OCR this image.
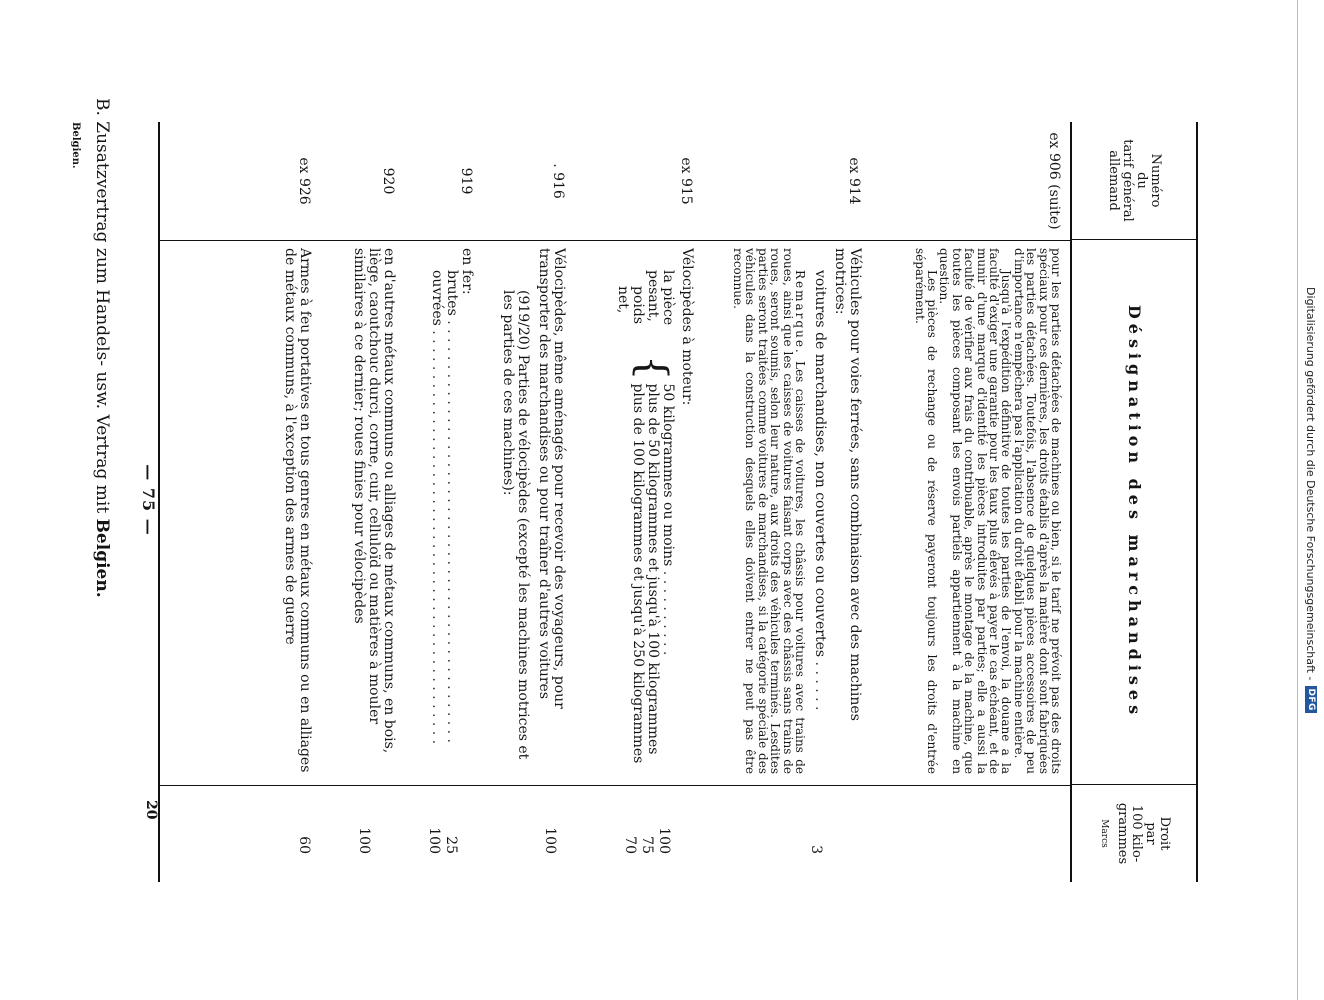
Digitalisierung gefördert durch die Deutsche Forschungsgemeinschaft -
DFG
Numéro
du
tarif général
allemand
Désignation des marchandises
Droit
par
100 kilo-
grammes
Marcs
ex 906 (suite)
pour les parties détachées de machines ou bien, si le tarif ne prévoit pas des droits spéciaux pour ces dernières, les droits établis d'après la matière dont sont fabriquées les parties détachées. Toutefois, l'absence de quelques pièces accessoires de peu d'importance n'empêchera pas l'application du droit établi pour la machine entière.
Jusqu'à l'expédition définitive de toutes les parties de l'envoi, la douane a la faculté d'exiger une garantie pour les taux plus élevés à payer le cas échéant, et de munir d'une marque d'identité les pièces introduites par parties; elle a aussi la faculté de vérifier aux frais du contribuable, après le montage de la machine, que toutes les pièces composant les envois partiels appartiennent à la machine en question.
Les pièces de rechange ou de réserve payeront toujours les droits d'entrée séparément.
ex 914
Véhicules pour voies ferrées, sans combinaison avec des machines motrices:
voitures de marchandises, non couvertes ou couvertes . . . . . .
Remarque. Les caisses de voitures, les châssis pour voitures avec trains de roues, ainsi que les caisses de voitures faisant corps avec des châssis sans trains de roues, seront soumis, selon leur nature, aux droits des véhicules terminés. Lesdites parties seront traitées comme voitures de marchandises, si la catégorie spéciale des véhicules dans la construction desquels elles doivent entrer ne peut pas être reconnue.
3
ex 915
Vélocipèdes à moteur:
la pièce
pesant,
poids
net,
{
50 kilogrammes ou moins . . . . . . . . . .
plus de 50 kilogrammes et jusqu'à 100 kilogrammes
plus de 100 kilogrammes et jusqu'à 250 kilogrammes
100
75
70
. 916
Vélocipèdes, même aménagés pour recevoir des voyageurs, pour transporter des marchandises ou pour traîner d'autres voitures
(919/20) Parties de vélocipèdes (excepté les machines motrices et les parties de ces machines):
100
919
en fer:
brutes . . . . . . . . . . . . . . . . . . . . . . . . . . . . . . . . . . . . . . . . . . . . . . . .
ouvrées . . . . . . . . . . . . . . . . . . . . . . . . . . . . . . . . . . . . . . . . . . . . . . .
25
100
920
en d'autres métaux communs ou alliages de métaux communs, en bois, liège, caoutchouc durci, corne, cuir, celluloïd ou matières à mouler similaires à ce dernier; roues finies pour vélocipèdes
100
ex 926
Armes à feu portatives en tous genres en métaux communs ou en alliages de métaux communs, à l'exception des armes de guerre
60
— 75 —
B. Zusatzvertrag zum Handels- usw. Vertrag mit Belgien.
20
Belgien.
